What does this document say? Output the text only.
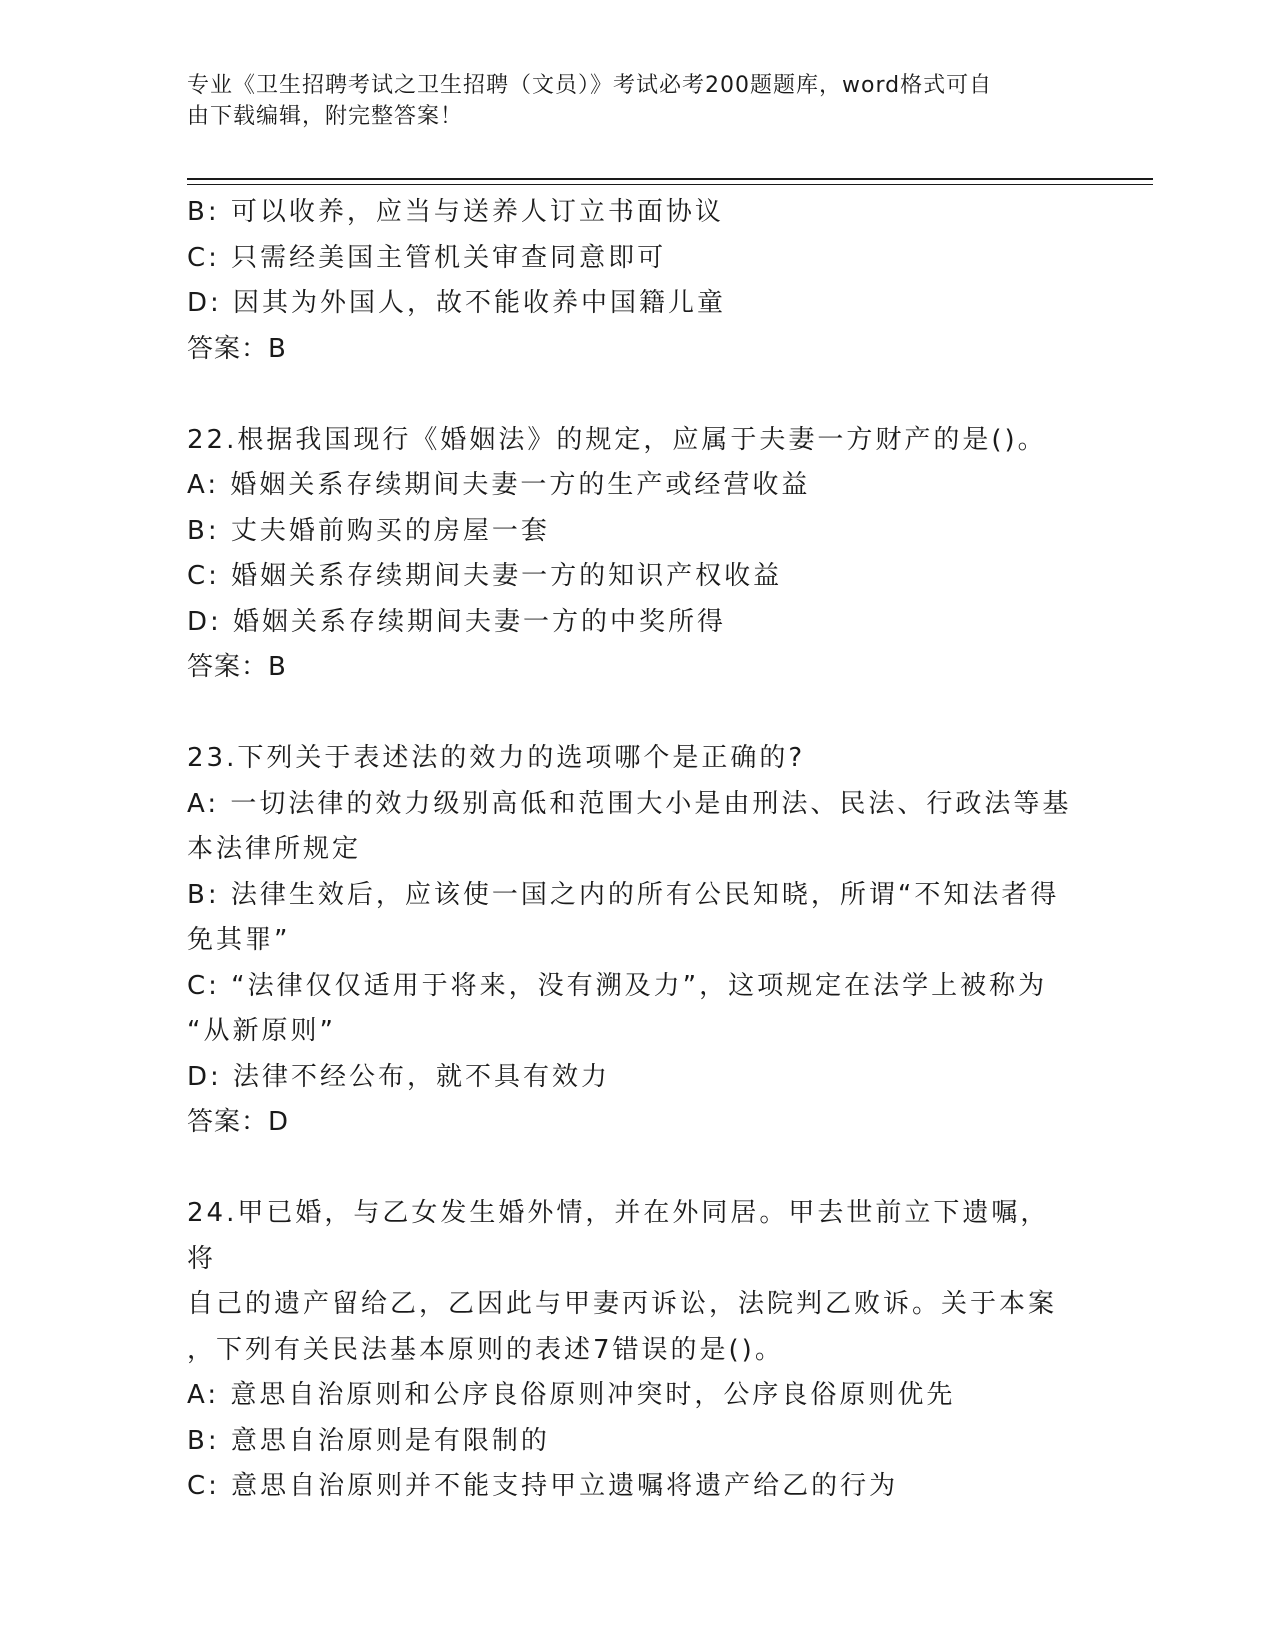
专业《卫生招聘考试之卫生招聘（文员）》考试必考200题题库，word格式可自
由下载编辑，附完整答案！
B: 可以收养，应当与送养人订立书面协议
C: 只需经美国主管机关审查同意即可
D: 因其为外国人，故不能收养中国籍儿童
答案：B
22.根据我国现行《婚姻法》的规定，应属于夫妻一方财产的是()。
A: 婚姻关系存续期间夫妻一方的生产或经营收益
B: 丈夫婚前购买的房屋一套
C: 婚姻关系存续期间夫妻一方的知识产权收益
D: 婚姻关系存续期间夫妻一方的中奖所得
答案：B
23.下列关于表述法的效力的选项哪个是正确的?
A: 一切法律的效力级别高低和范围大小是由刑法、民法、行政法等基
本法律所规定
B: 法律生效后，应该使一国之内的所有公民知晓，所谓“不知法者得
免其罪”
C: “法律仅仅适用于将来，没有溯及力”，这项规定在法学上被称为
“从新原则”
D: 法律不经公布，就不具有效力
答案：D
24.甲已婚，与乙女发生婚外情，并在外同居。甲去世前立下遗嘱，将
自己的遗产留给乙，乙因此与甲妻丙诉讼，法院判乙败诉。关于本案
，下列有关民法基本原则的表述7错误的是()。
A: 意思自治原则和公序良俗原则冲突时，公序良俗原则优先
B: 意思自治原则是有限制的
C: 意思自治原则并不能支持甲立遗嘱将遗产给乙的行为
